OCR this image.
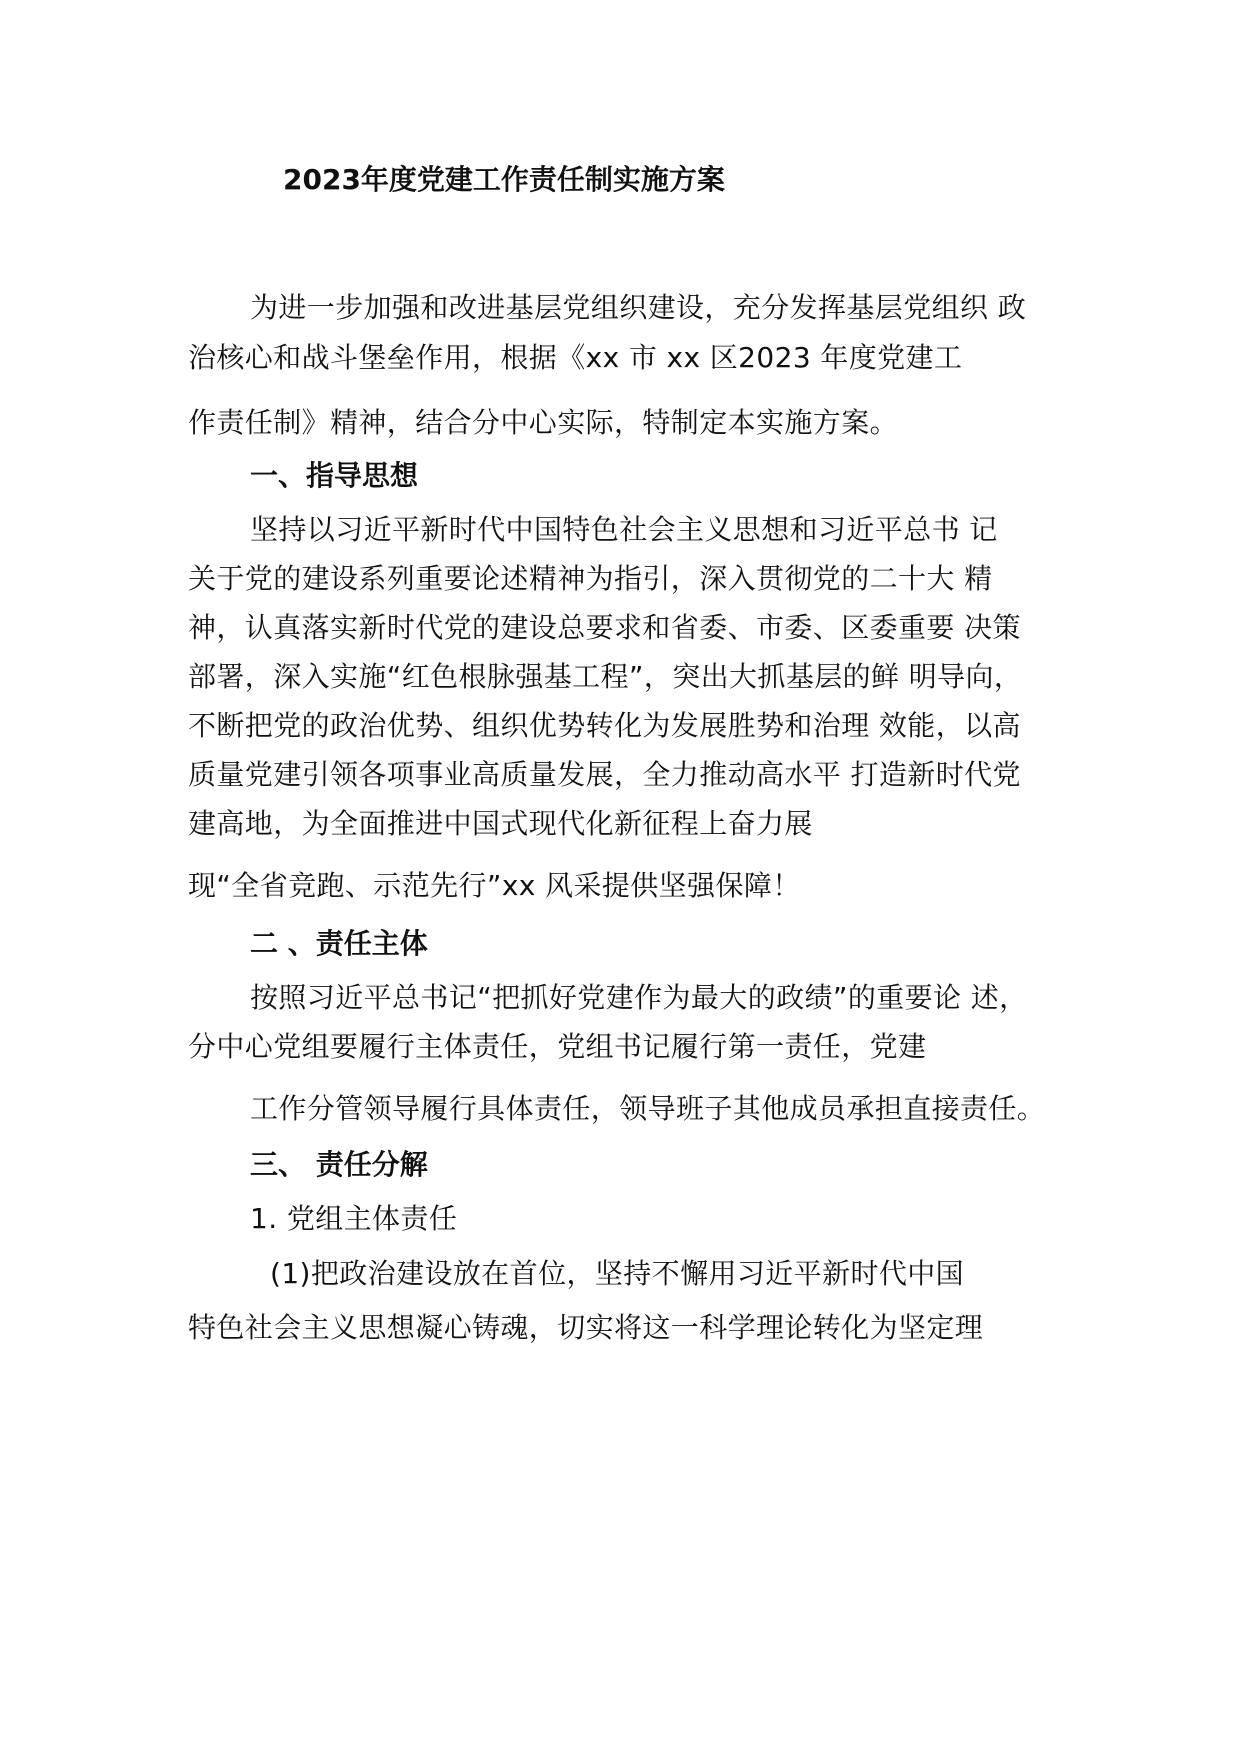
2023年度党建工作责任制实施方案
为进一步加强和改进基层党组织建设，充分发挥基层党组织 政
治核心和战斗堡垒作用，根据《xx 市 xx 区2023 年度党建工
作责任制》精神，结合分中心实际，特制定本实施方案。
一、指导思想
坚持以习近平新时代中国特色社会主义思想和习近平总书 记
关于党的建设系列重要论述精神为指引，深入贯彻党的二十大 精
神，认真落实新时代党的建设总要求和省委、市委、区委重要 决策
部署，深入实施“红色根脉强基工程”，突出大抓基层的鲜 明导向，
不断把党的政治优势、组织优势转化为发展胜势和治理 效能，以高
质量党建引领各项事业高质量发展，全力推动高水平 打造新时代党
建高地，为全面推进中国式现代化新征程上奋力展
现“全省竞跑、示范先行”xx 风采提供坚强保障！
二 、责任主体
按照习近平总书记“把抓好党建作为最大的政绩”的重要论 述，
分中心党组要履行主体责任，党组书记履行第一责任，党建
工作分管领导履行具体责任，领导班子其他成员承担直接责任。
三、 责任分解
1. 党组主体责任
(1)把政治建设放在首位，坚持不懈用习近平新时代中国
特色社会主义思想凝心铸魂，切实将这一科学理论转化为坚定理
